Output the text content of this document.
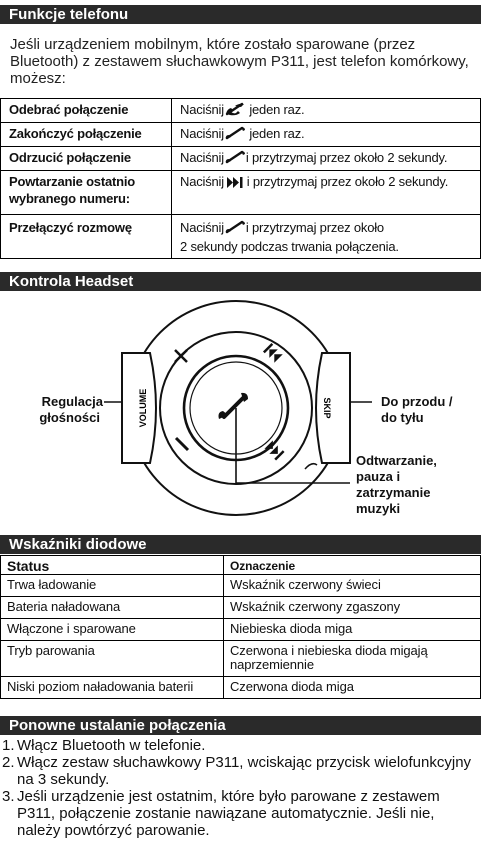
Funkcje telefonu
Jeśli urządzeniem mobilnym, które zostało sparowane (przez Bluetooth) z zestawem słuchawkowym P311, jest telefon komórkowy, możesz:
Odebrać połączenie	Naciśnij jeden raz.
Zakończyć połączenie	Naciśnij jeden raz.
Odrzucić połączenie	Naciśnij i przytrzymaj przez około 2 sekundy.
Powtarzanie ostatnio wybranego numeru:	Naciśnij i przytrzymaj przez około 2 sekundy.
Przełączyć rozmowę	Naciśnij i przytrzymaj przez około
2 sekundy podczas trwania połączenia.
Kontrola Headset
VOLUME	SKIP
Regulacja
głośności
Do przodu /
do tyłu
Odtwarzanie,
pauza i
zatrzymanie
muzyki
Wskaźniki diodowe
Status	Oznaczenie
Trwa ładowanie	Wskaźnik czerwony świeci
Bateria naładowana	Wskaźnik czerwony zgaszony
Włączone i sparowane	Niebieska dioda miga
Tryb parowania	Czerwona i niebieska dioda migają naprzemiennie
Niski poziom naładowania baterii	Czerwona dioda miga
Ponowne ustalanie połączenia
1. Włącz Bluetooth w telefonie.
2. Włącz zestaw słuchawkowy P311, wciskając przycisk wielofunkcyjny na 3 sekundy.
3. Jeśli urządzenie jest ostatnim, które było parowane z zestawem P311, połączenie zostanie nawiązane automatycznie. Jeśli nie, należy powtórzyć parowanie.
